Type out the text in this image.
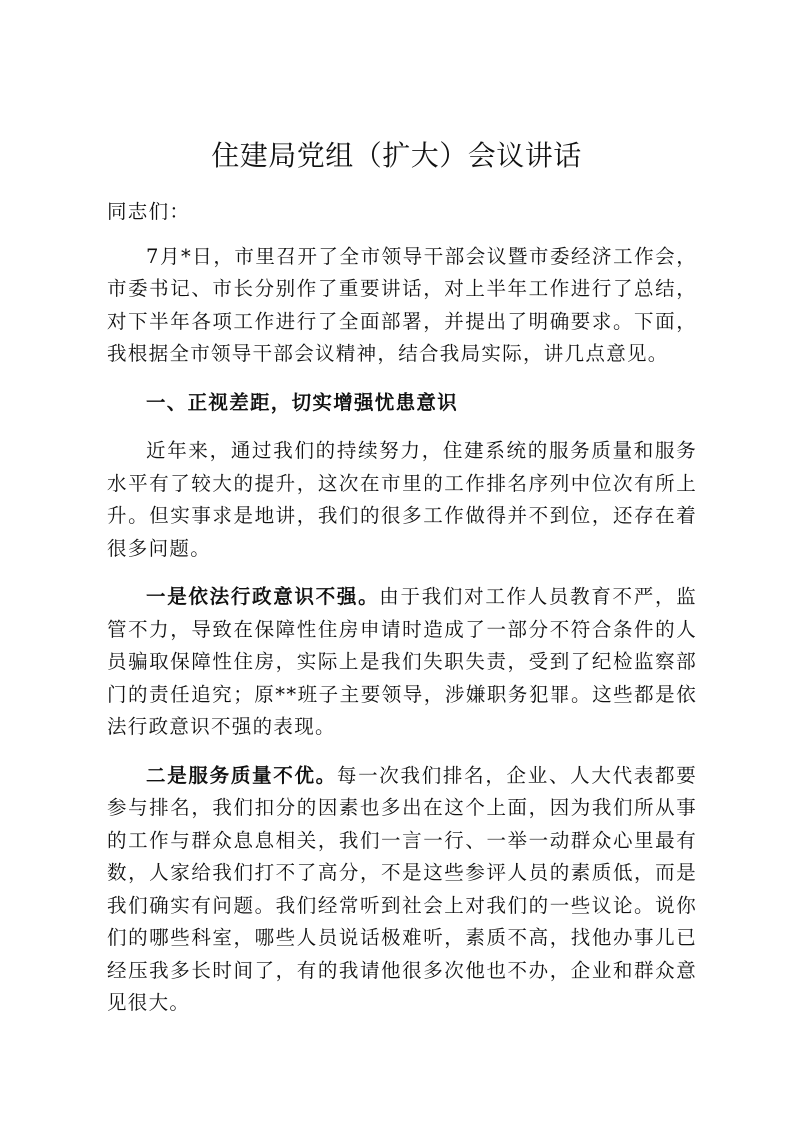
住建局党组（扩大）会议讲话

同志们：

7月*日，市里召开了全市领导干部会议暨市委经济工作会，市委书记、市长分别作了重要讲话，对上半年工作进行了总结，对下半年各项工作进行了全面部署，并提出了明确要求。下面，我根据全市领导干部会议精神，结合我局实际，讲几点意见。

一、正视差距，切实增强忧患意识

近年来，通过我们的持续努力，住建系统的服务质量和服务水平有了较大的提升，这次在市里的工作排名序列中位次有所上升。但实事求是地讲，我们的很多工作做得并不到位，还存在着很多问题。

一是依法行政意识不强。由于我们对工作人员教育不严，监管不力，导致在保障性住房申请时造成了一部分不符合条件的人员骗取保障性住房，实际上是我们失职失责，受到了纪检监察部门的责任追究；原**班子主要领导，涉嫌职务犯罪。这些都是依法行政意识不强的表现。

二是服务质量不优。每一次我们排名，企业、人大代表都要参与排名，我们扣分的因素也多出在这个上面，因为我们所从事的工作与群众息息相关，我们一言一行、一举一动群众心里最有数，人家给我们打不了高分，不是这些参评人员的素质低，而是我们确实有问题。我们经常听到社会上对我们的一些议论。说你们的哪些科室，哪些人员说话极难听，素质不高，找他办事儿已经压我多长时间了，有的我请他很多次他也不办，企业和群众意见很大。
